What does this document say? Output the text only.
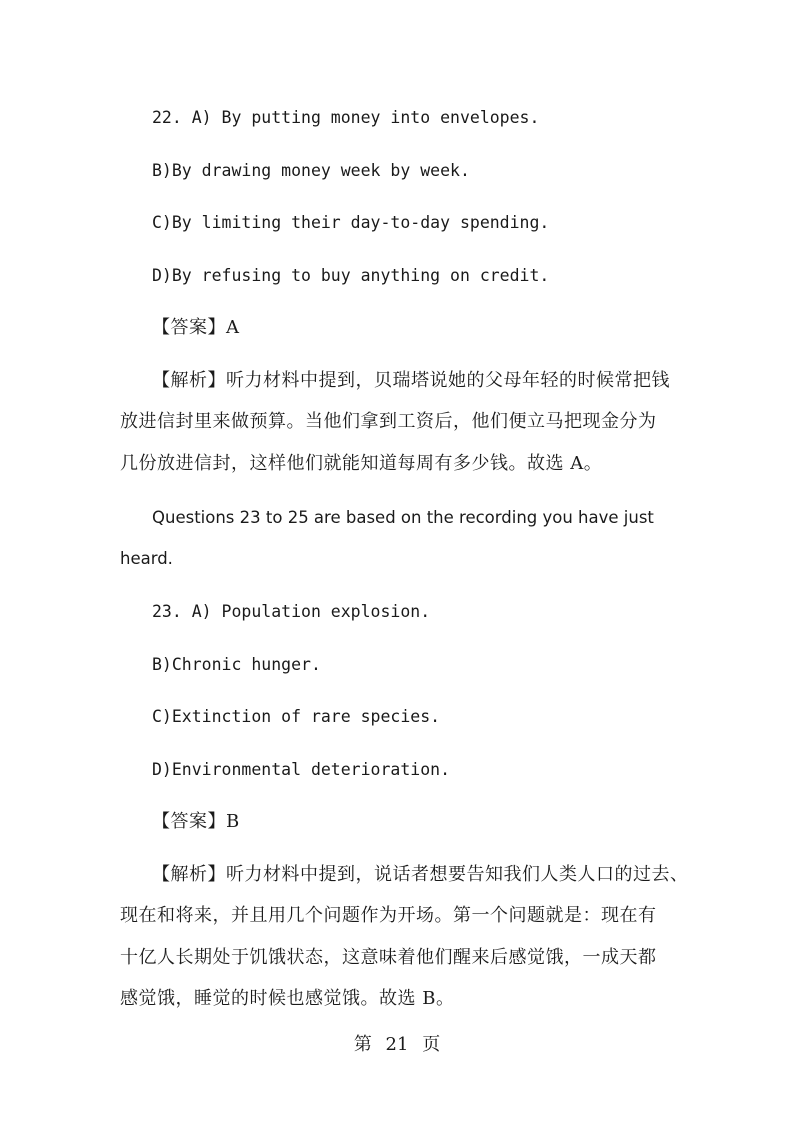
22. A) By putting money into envelopes.
B)By drawing money week by week.
C)By limiting their day-to-day spending.
D)By refusing to buy anything on credit.
【答案】A
【解析】听力材料中提到，贝瑞塔说她的父母年轻的时候常把钱
放进信封里来做预算。当他们拿到工资后，他们便立马把现金分为
几份放进信封，这样他们就能知道每周有多少钱。故选 A。
Questions 23 to 25 are based on the recording you have just
heard.
23. A) Population explosion.
B)Chronic hunger.
C)Extinction of rare species.
D)Environmental deterioration.
【答案】B
【解析】听力材料中提到，说话者想要告知我们人类人口的过去、
现在和将来，并且用几个问题作为开场。第一个问题就是：现在有
十亿人长期处于饥饿状态，这意味着他们醒来后感觉饿，一成天都
感觉饿，睡觉的时候也感觉饿。故选 B。
第 21 页
